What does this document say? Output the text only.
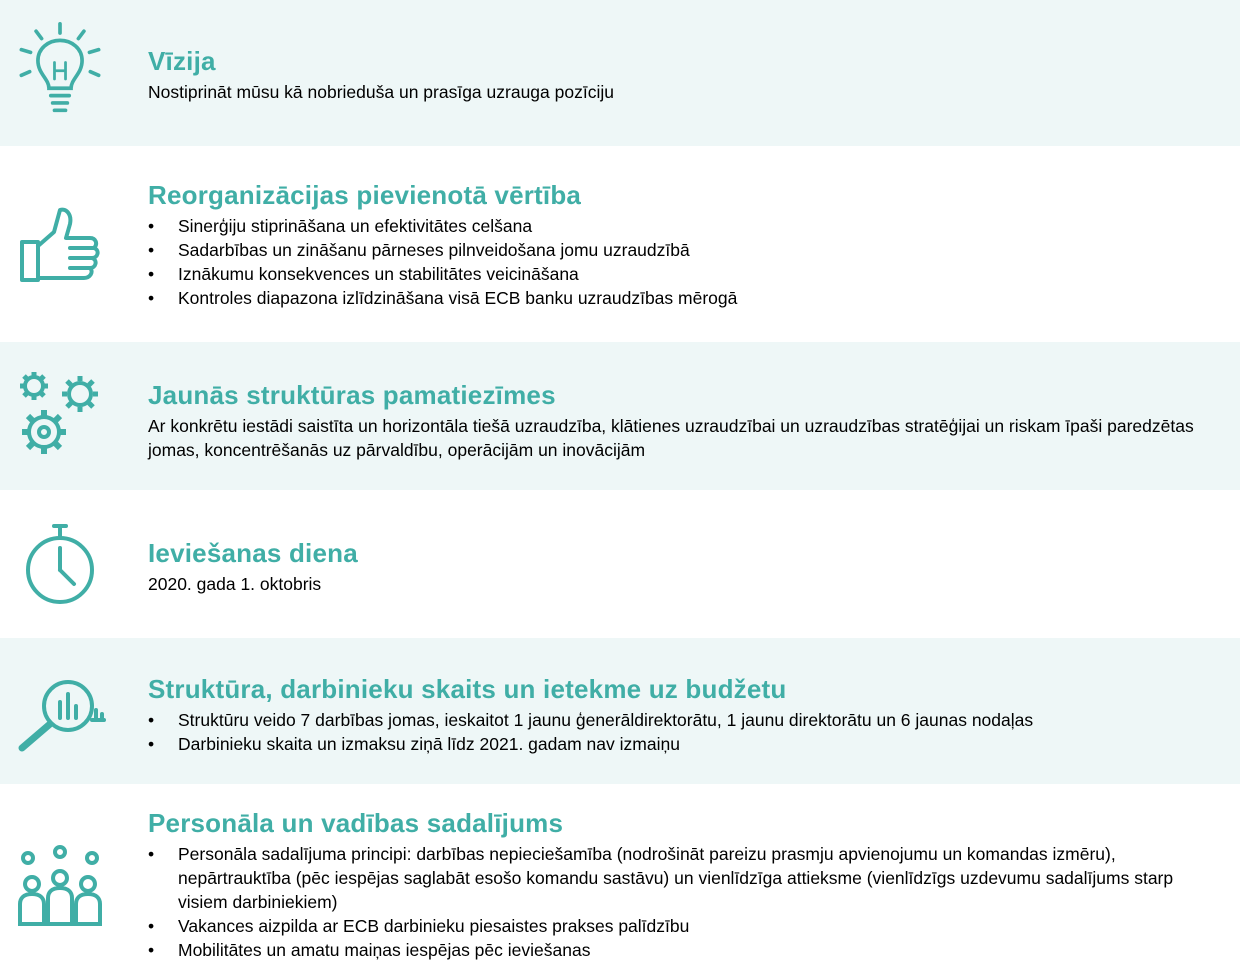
Vīzija

Nostiprināt mūsu kā nobriedušа un prasīga uzrauga pozīciju

Reorganizācijas pievienotā vērtība
• Sinerģiju stiprināšana un efektivitātes celšana
• Sadarbības un zināšanu pārneses pilnveidošana jomu uzraudzībā
• Iznākumu konsekvences un stabilitātes veicināšana
• Kontroles diapazona izlīdzināšana visā ECB banku uzraudzības mērogā
Jaunās struktūras pamatiezīmes

Ar konkrētu iestādi saistīta un horizontāla tiešā uzraudzība, klātienes uzraudzībai un uzraudzības stratēģijai un riskam īpaši paredzētas jomas, koncentrēšanās uz pārvaldību, operācijām un inovācijām

Ieviešanas diena

2020. gada 1. oktobris

Struktūra, darbinieku skaits un ietekme uz budžetu
• Struktūru veido 7 darbības jomas, ieskaitot 1 jaunu ģenerāldirektorātu, 1 jaunu direktorātu un 6 jaunas nodaļas
• Darbinieku skaita un izmaksu ziņā līdz 2021. gadam nav izmaiņu
Personāla un vadības sadalījums
• Personāla sadalījuma principi: darbības nepieciešamība (nodrošināt pareizu prasmju apvienojumu un komandas izmēru), nepārtrauktība (pēc iespējas saglabāt esošo komandu sastāvu) un vienlīdzīga attieksme (vienlīdzīgs uzdevumu sadalījums starp visiem darbiniekiem)
• Vakances aizpilda ar ECB darbinieku piesaistes prakses palīdzību
• Mobilitātes un amatu maiņas iespējas pēc ieviešanas
